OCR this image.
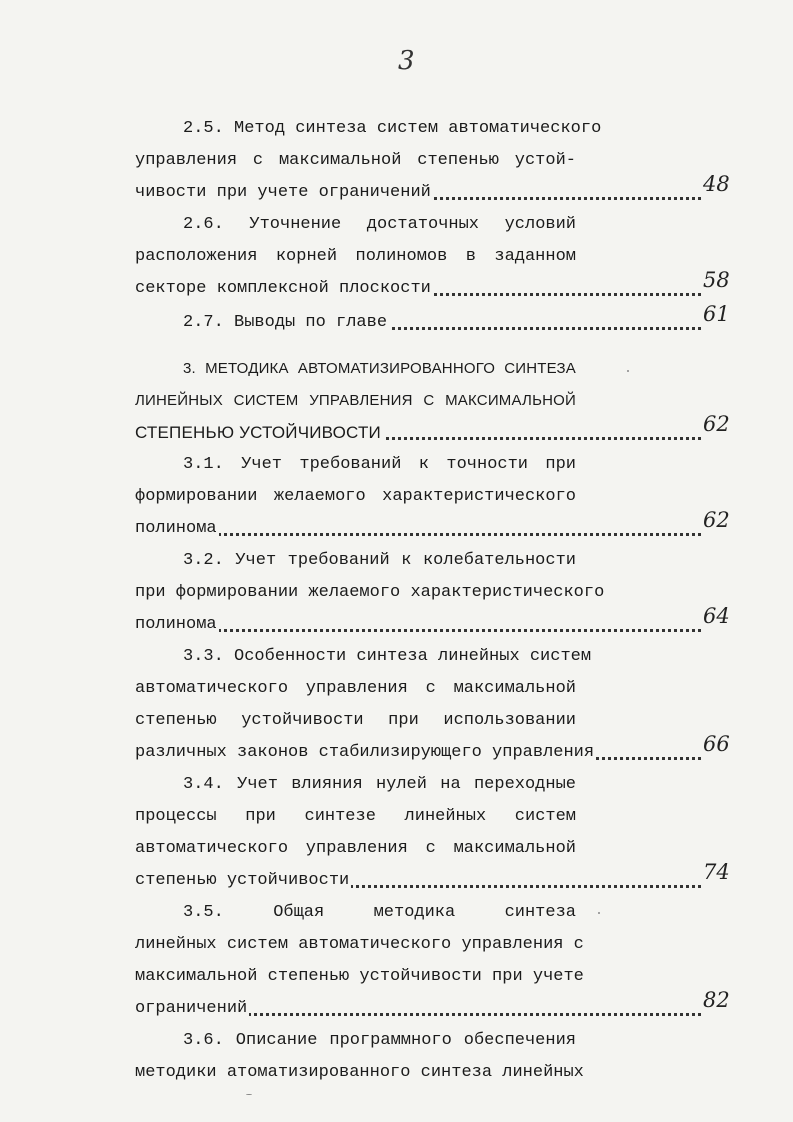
3
2.5. Метод синтеза систем автоматического
управления с максимальной степенью устой-
чивости при учете ограничений	48
2.6. Уточнение достаточных условий
расположения корней полиномов в заданном
секторе комплексной плоскости	58
2.7. Выводы по главе	61
3. МЕТОДИКА АВТОМАТИЗИРОВАННОГО СИНТЕЗА
ЛИНЕЙНЫХ СИСТЕМ УПРАВЛЕНИЯ С МАКСИМАЛЬНОЙ
СТЕПЕНЬЮ УСТОЙЧИВОСТИ	62
3.1. Учет требований к точности при
формировании желаемого характеристического
полинома	62
3.2. Учет требований к колебательности
при формировании желаемого характеристического
полинома	64
3.3. Особенности синтеза линейных систем
автоматического управления с максимальной
степенью устойчивости при использовании
различных законов стабилизирующего управления	66
3.4. Учет влияния нулей на переходные
процессы при синтезе линейных систем
автоматического управления с максимальной
степенью устойчивости	74
3.5. Общая методика синтеза
линейных систем автоматического управления с
максимальной степенью устойчивости при учете
ограничений	82
3.6. Описание программного обеспечения
методики атоматизированного синтеза линейных
